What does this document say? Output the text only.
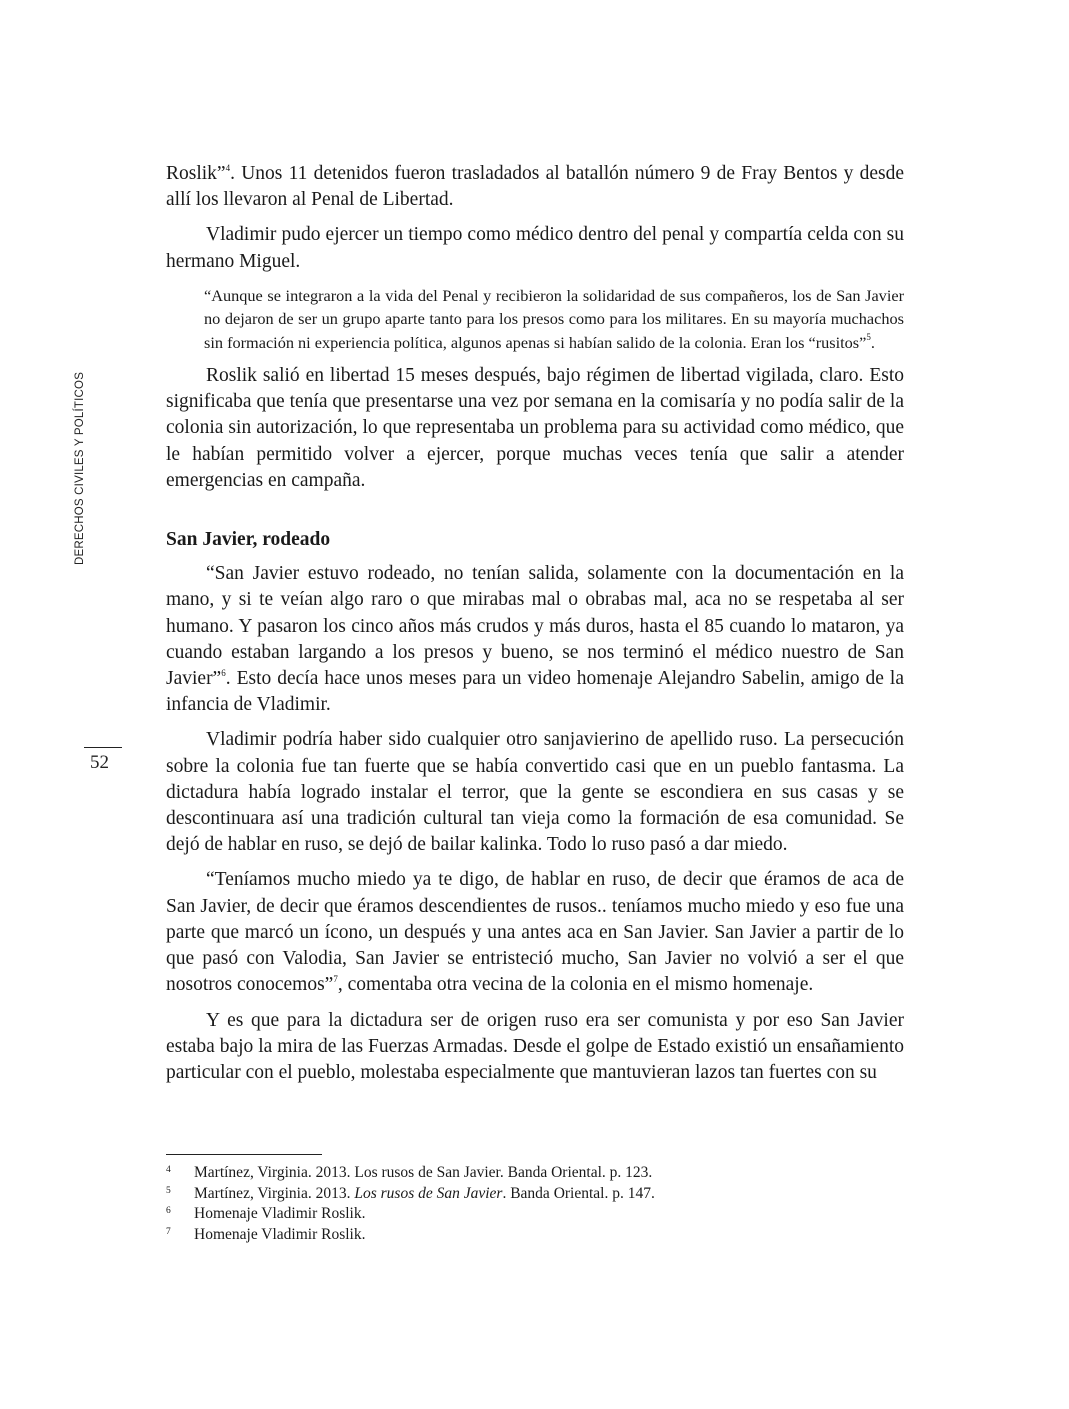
DERECHOS CIVILES Y POLÍTICOS
52

Roslik”$^4$. Unos 11 detenidos fueron trasladados al batallón número 9 de Fray Bentos y desde allí los llevaron al Penal de Libertad.

Vladimir pudo ejercer un tiempo como médico dentro del penal y compartía celda con su hermano Miguel.

“Aunque se integraron a la vida del Penal y recibieron la solidaridad de sus compañeros, los de San Javier no dejaron de ser un grupo aparte tanto para los presos como para los militares. En su mayoría muchachos sin formación ni experiencia política, algunos apenas si habían salido de la colonia. Eran los “rusitos”$^5$.

Roslik salió en libertad 15 meses después, bajo régimen de libertad vigilada, claro. Esto significaba que tenía que presentarse una vez por semana en la comisaría y no podía salir de la colonia sin autorización, lo que representaba un problema para su actividad como médico, que le habían permitido volver a ejercer, porque muchas veces tenía que salir a atender emergencias en campaña.

San Javier, rodeado

“San Javier estuvo rodeado, no tenían salida, solamente con la documentación en la mano, y si te veían algo raro o que mirabas mal o obrabas mal, aca no se respetaba al ser humano. Y pasaron los cinco años más crudos y más duros, hasta el 85 cuando lo mataron, ya cuando estaban largando a los presos y bueno, se nos terminó el médico nuestro de San Javier”$^6$. Esto decía hace unos meses para un video homenaje Alejandro Sabelin, amigo de la infancia de Vladimir.

Vladimir podría haber sido cualquier otro sanjavierino de apellido ruso. La persecución sobre la colonia fue tan fuerte que se había convertido casi que en un pueblo fantasma. La dictadura había logrado instalar el terror, que la gente se escondiera en sus casas y se descontinuara así una tradición cultural tan vieja como la formación de esa comunidad. Se dejó de hablar en ruso, se dejó de bailar kalinka. Todo lo ruso pasó a dar miedo.

“Teníamos mucho miedo ya te digo, de hablar en ruso, de decir que éramos de aca de San Javier, de decir que éramos descendientes de rusos.. teníamos mucho miedo y eso fue una parte que marcó un ícono, un después y una antes aca en San Javier. San Javier a partir de lo que pasó con Valodia, San Javier se entristeció mucho, San Javier no volvió a ser el que nosotros conocemos”$^7$, comentaba otra vecina de la colonia en el mismo homenaje.

Y es que para la dictadura ser de origen ruso era ser comunista y por eso San Javier estaba bajo la mira de las Fuerzas Armadas. Desde el golpe de Estado existió un ensañamiento particular con el pueblo, molestaba especialmente que mantuvieran lazos tan fuertes con su

4	Martínez, Virginia. 2013. Los rusos de San Javier. Banda Oriental. p. 123.
5	Martínez, Virginia. 2013. Los rusos de San Javier. Banda Oriental. p. 147.
6	Homenaje Vladimir Roslik.
7	Homenaje Vladimir Roslik.
